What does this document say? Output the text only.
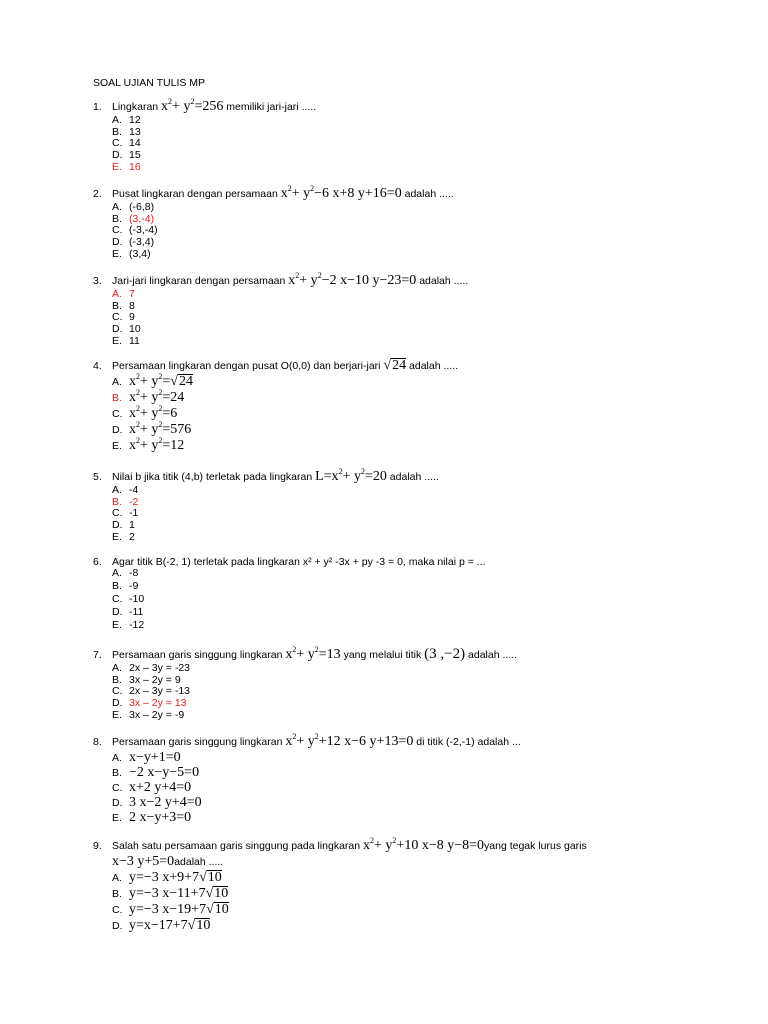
SOAL UJIAN TULIS MP
1. Lingkaran $x^2+ y^2=256$ memiliki jari-jari .....
A. 12
B. 13
C. 14
D. 15
E. 16
2. Pusat lingkaran dengan persamaan $x^2+ y^2-6$ x+8 y+16=0 adalah .....
A. (-6,8)
B. (3,-4)
C. (-3,-4)
D. (-3,4)
E. (3,4)
3. Jari-jari lingkaran dengan persamaan $x^2+ y^2-2$ x−10 y−23=0 adalah .....
A. 7
B. 8
C. 9
D. 10
E. 11
4. Persamaan lingkaran dengan pusat O(0,0) dan berjari-jari √24 adalah .....
A. $x^2+ y^2=√24$
B. $x^2+ y^2=24$
C. $x^2+ y^2=6$
D. $x^2+ y^2=576$
E. $x^2+ y^2=12$
5. Nilai b jika titik (4,b) terletak pada lingkaran $L=x^2+ y^2=20$ adalah .....
A. -4
B. -2
C. -1
D. 1
E. 2
6. Agar titik B(-2, 1) terletak pada lingkaran x² + y² -3x + py -3 = 0, maka nilai p = ...
A. -8
B. -9
C. -10
D. -11
E. -12
7. Persamaan garis singgung lingkaran $x^2+ y^2=13$ yang melalui titik (3 ,−2) adalah .....
A. 2x – 3y = -23
B. 3x – 2y = 9
C. 2x – 3y = -13
D. 3x – 2y = 13
E. 3x – 2y = -9
8. Persamaan garis singgung lingkaran $x^2+ y^2+12$ x−6 y+13=0 di titik (-2,-1) adalah ...
A. x−y+1=0
B. −2 x−y−5=0
C. x+2 y+4=0
D. 3 x−2 y+4=0
E. 2 x−y+3=0
9. Salah satu persamaan garis singgung pada lingkaran $x^2+ y^2+10$ x−8 y−8=0yang tegak lurus garis
x−3 y+5=0 adalah .....
A. y=−3 x+9+7√10
B. y=−3 x−11+7√10
C. y=−3 x−19+7√10
D. y=x−17+7√10
